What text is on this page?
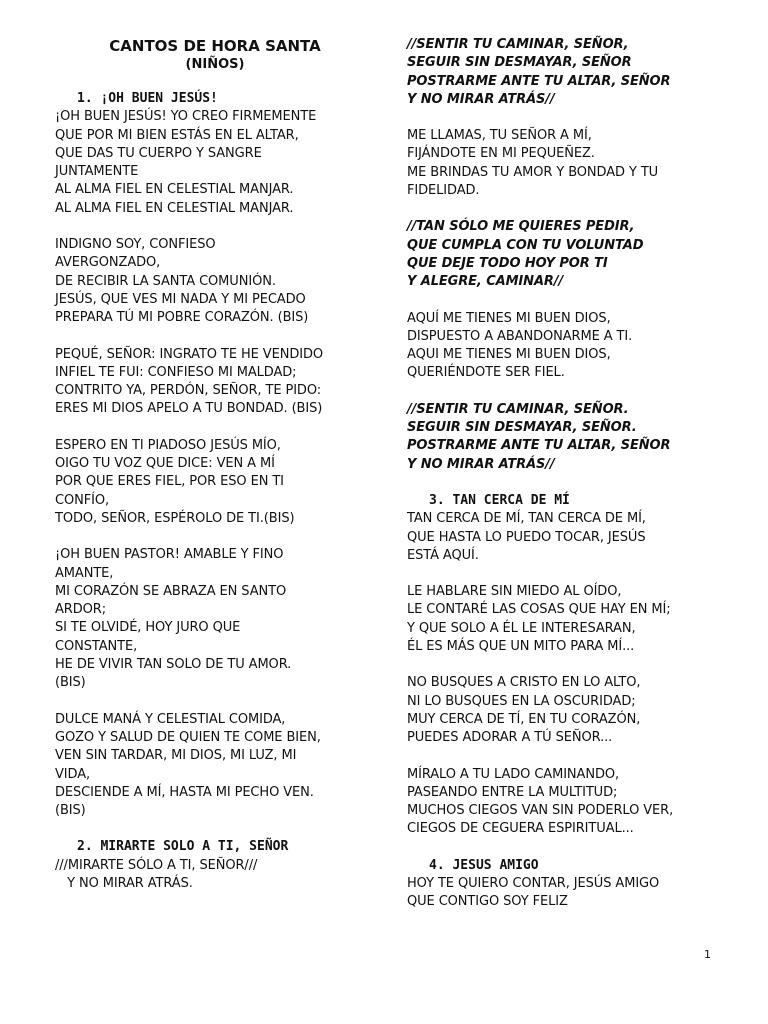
CANTOS DE HORA SANTA
(NIÑOS)
1. ¡OH BUEN JESÚS!
¡OH BUEN JESÚS! YO CREO FIRMEMENTE
QUE POR MI BIEN ESTÁS EN EL ALTAR,
QUE DAS TU CUERPO Y SANGRE
JUNTAMENTE
AL ALMA FIEL EN CELESTIAL MANJAR.
AL ALMA FIEL EN CELESTIAL MANJAR.
INDIGNO SOY, CONFIESO
AVERGONZADO,
DE RECIBIR LA SANTA COMUNIÓN.
JESÚS, QUE VES MI NADA Y MI PECADO
PREPARA TÚ MI POBRE CORAZÓN. (BIS)
PEQUÉ, SEÑOR: INGRATO TE HE VENDIDO
INFIEL TE FUI: CONFIESO MI MALDAD;
CONTRITO YA, PERDÓN, SEÑOR, TE PIDO:
ERES MI DIOS APELO A TU BONDAD. (BIS)
ESPERO EN TI PIADOSO JESÚS MÍO,
OIGO TU VOZ QUE DICE: VEN A MÍ
POR QUE ERES FIEL, POR ESO EN TI
CONFÍO,
TODO, SEÑOR, ESPÉROLO DE TI.(BIS)
¡OH BUEN PASTOR! AMABLE Y FINO
AMANTE,
MI CORAZÓN SE ABRAZA EN SANTO
ARDOR;
SI TE OLVIDÉ, HOY JURO QUE
CONSTANTE,
HE DE VIVIR TAN SOLO DE TU AMOR.
(BIS)
DULCE MANÁ Y CELESTIAL COMIDA,
GOZO Y SALUD DE QUIEN TE COME BIEN,
VEN SIN TARDAR, MI DIOS, MI LUZ, MI
VIDA,
DESCIENDE A MÍ, HASTA MI PECHO VEN.
(BIS)
2. MIRARTE SOLO A TI, SEÑOR
///MIRARTE SÓLO A TI, SEÑOR///
Y NO MIRAR ATRÁS.
//SENTIR TU CAMINAR, SEÑOR,
SEGUIR SIN DESMAYAR, SEÑOR
POSTRARME ANTE TU ALTAR, SEÑOR
Y NO MIRAR ATRÁS//
ME LLAMAS, TU SEÑOR A MÍ,
FIJÁNDOTE EN MI PEQUEÑEZ.
ME BRINDAS TU AMOR Y BONDAD Y TU
FIDELIDAD.
//TAN SÓLO ME QUIERES PEDIR,
QUE CUMPLA CON TU VOLUNTAD
QUE DEJE TODO HOY POR TI
Y ALEGRE, CAMINAR//
AQUÍ ME TIENES MI BUEN DIOS,
DISPUESTO A ABANDONARME A TI.
AQUI ME TIENES MI BUEN DIOS,
QUERIÉNDOTE SER FIEL.
//SENTIR TU CAMINAR, SEÑOR.
SEGUIR SIN DESMAYAR, SEÑOR.
POSTRARME ANTE TU ALTAR, SEÑOR
Y NO MIRAR ATRÁS//
3. TAN CERCA DE MÍ
TAN CERCA DE MÍ, TAN CERCA DE MÍ,
QUE HASTA LO PUEDO TOCAR, JESÚS
ESTÁ AQUÍ.
LE HABLARE SIN MIEDO AL OÍDO,
LE CONTARÉ LAS COSAS QUE HAY EN MÍ;
Y QUE SOLO A ÉL LE INTERESARAN,
ÉL ES MÁS QUE UN MITO PARA MÍ...
NO BUSQUES A CRISTO EN LO ALTO,
NI LO BUSQUES EN LA OSCURIDAD;
MUY CERCA DE TÍ, EN TU CORAZÓN,
PUEDES ADORAR A TÚ SEÑOR...
MÍRALO A TU LADO CAMINANDO,
PASEANDO ENTRE LA MULTITUD;
MUCHOS CIEGOS VAN SIN PODERLO VER,
CIEGOS DE CEGUERA ESPIRITUAL...
4. JESUS AMIGO
HOY TE QUIERO CONTAR, JESÚS AMIGO
QUE CONTIGO SOY FELIZ
1
